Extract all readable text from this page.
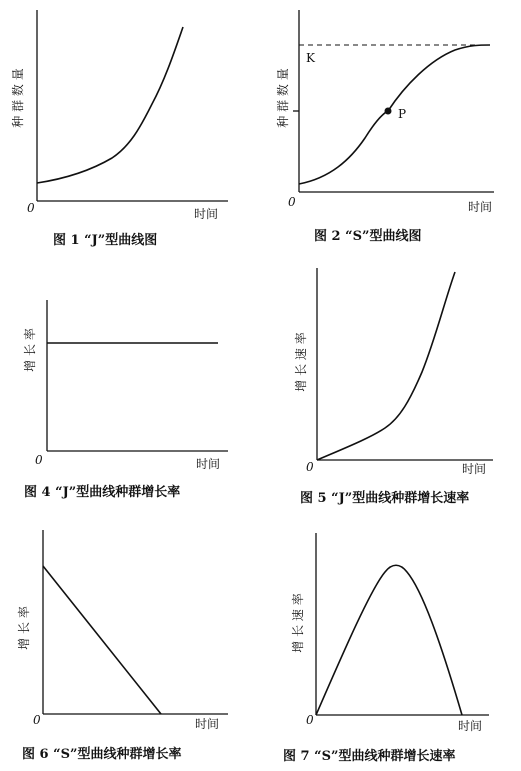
种 群 数 量
0	时间
图 1 “J”型曲线图
K
P
种 群 数 量
0	时间
图 2 “S”型曲线图
增 长 率
0	时间
图 4 “J”型曲线种群增长率
增 长 速 率
0	时间
图 5 “J”型曲线种群增长速率
增 长 率
0	时间
图 6 “S”型曲线种群增长率
增 长 速 率
0	时间
图 7 “S”型曲线种群增长速率
